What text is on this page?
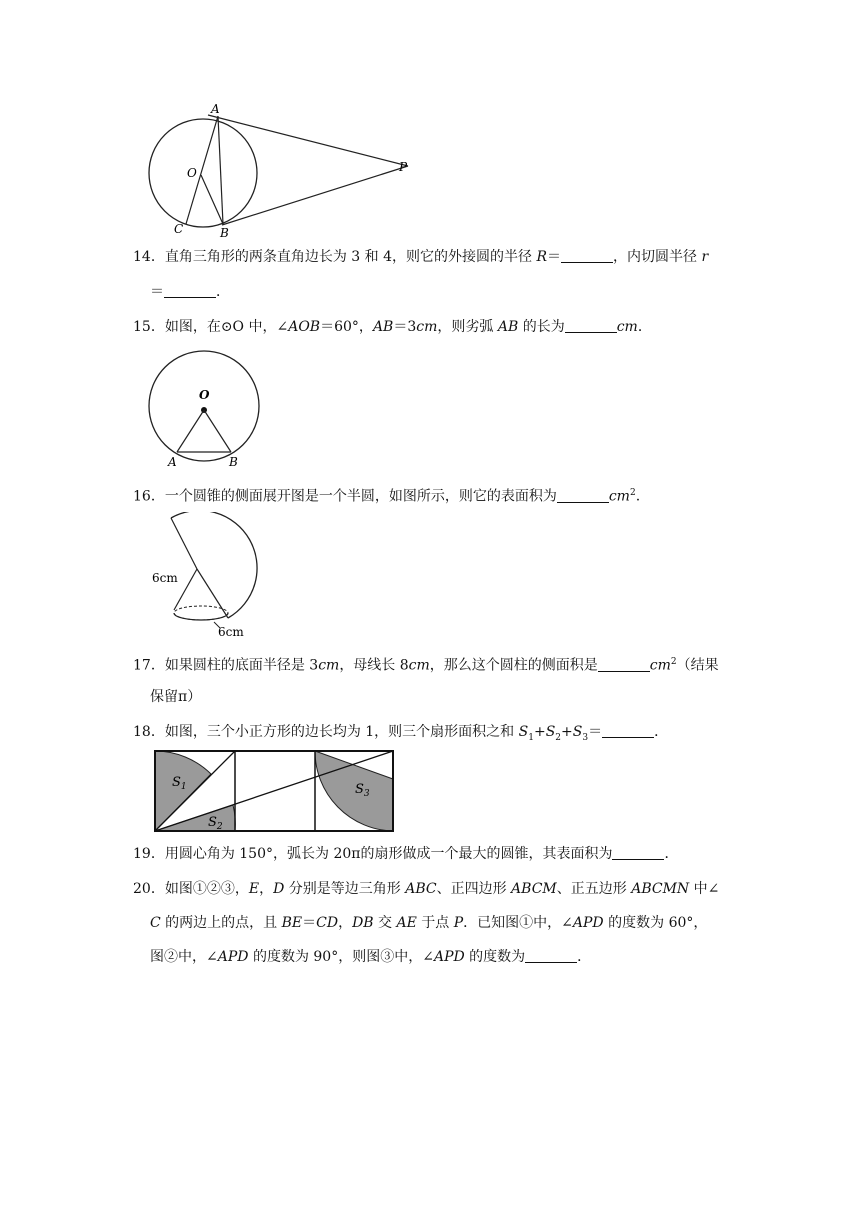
A
O
C	B
P
14．直角三角形的两条直角边长为 3 和 4，则它的外接圆的半径 R＝	，内切圆半径 r
＝	．
15．如图，在⊙O 中，∠AOB＝60°，AB＝3cm，则劣弧 AB 的长为	cm．
O
A	B
16．一个圆锥的侧面展开图是一个半圆，如图所示，则它的表面积为	$cm^2$.
6cm
6cm
17．如果圆柱的底面半径是 3cm，母线长 8cm，那么这个圆柱的侧面积是	$cm^2$（结果
保留π）
18．如图，三个小正方形的边长均为 1，则三个扇形面积之和 $S_1+S_2+S_3=$	．
$S_1$
$S_2$
$S_3$
19．用圆心角为 150°，弧长为 20π的扇形做成一个最大的圆锥，其表面积为	．
20．如图①②③，E，D 分别是等边三角形 ABC、正四边形 ABCM、正五边形 ABCMN 中∠
C 的两边上的点，且 BE＝CD，DB 交 AE 于点 P．已知图①中，∠APD 的度数为 60°，
图②中，∠APD 的度数为 90°，则图③中，∠APD 的度数为	．
